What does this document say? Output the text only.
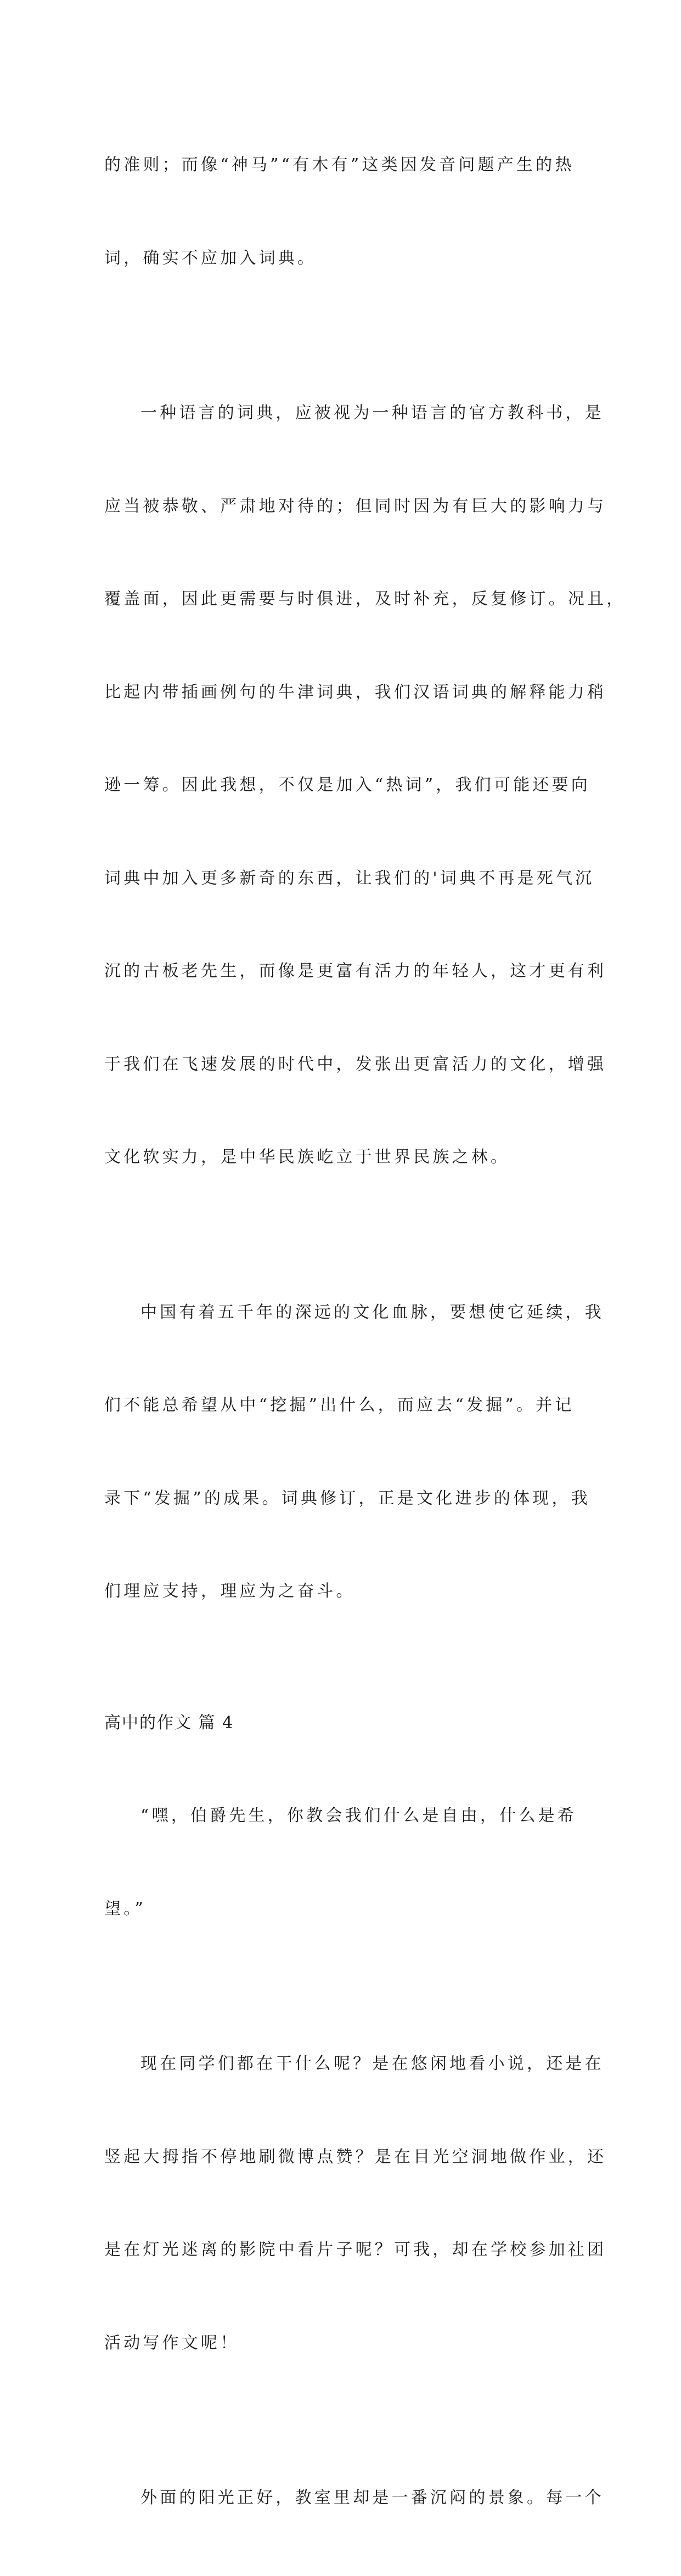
的准则；而像“神马”“有木有”这类因发音问题产生的热

词，确实不应加入词典。

一种语言的词典，应被视为一种语言的官方教科书，是

应当被恭敬、严肃地对待的；但同时因为有巨大的影响力与

覆盖面，因此更需要与时俱进，及时补充，反复修订。况且，

比起内带插画例句的牛津词典，我们汉语词典的解释能力稍

逊一筹。因此我想，不仅是加入“热词”，我们可能还要向

词典中加入更多新奇的东西，让我们的'词典不再是死气沉

沉的古板老先生，而像是更富有活力的年轻人，这才更有利

于我们在飞速发展的时代中，发张出更富活力的文化，增强

文化软实力，是中华民族屹立于世界民族之林。

中国有着五千年的深远的文化血脉，要想使它延续，我

们不能总希望从中“挖掘”出什么，而应去“发掘”。并记

录下“发掘”的成果。词典修订，正是文化进步的体现，我

们理应支持，理应为之奋斗。

高中的作文 篇 4

“嘿，伯爵先生，你教会我们什么是自由，什么是希

望。”

现在同学们都在干什么呢？是在悠闲地看小说，还是在

竖起大拇指不停地刷微博点赞？是在目光空洞地做作业，还

是在灯光迷离的影院中看片子呢？可我，却在学校参加社团

活动写作文呢！

外面的阳光正好，教室里却是一番沉闷的景象。每一个
